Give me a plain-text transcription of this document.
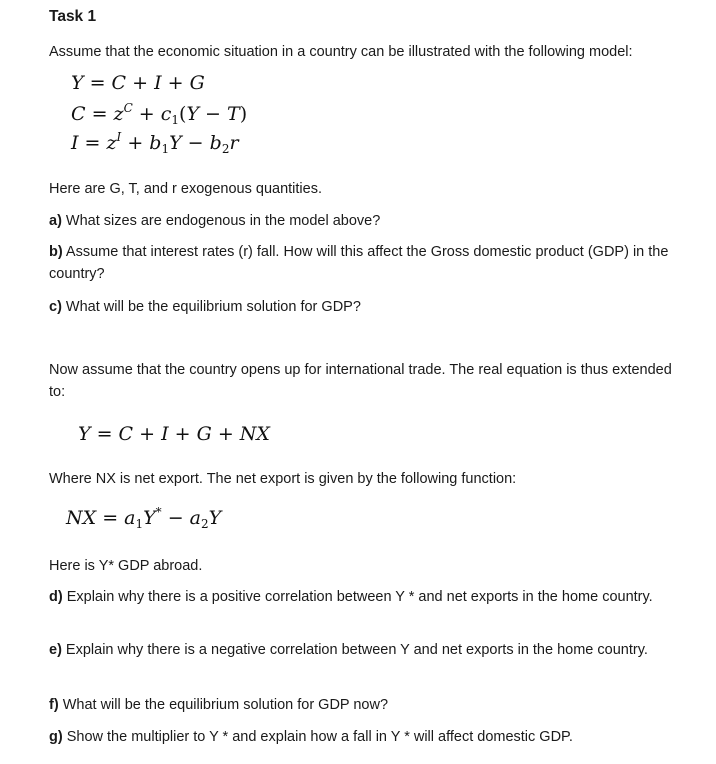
Task 1
Assume that the economic situation in a country can be illustrated with the following model:
Y = C + I + G
$C = z^C + c_1(Y - T)$
$I = z^I + b_1Y - b_2r$
Here are G, T, and r exogenous quantities.
a) What sizes are endogenous in the model above?
b) Assume that interest rates (r) fall. How will this affect the Gross domestic product (GDP) in the country?
c) What will be the equilibrium solution for GDP?
Now assume that the country opens up for international trade. The real equation is thus extended to:
Y = C + I + G + NX
Where NX is net export. The net export is given by the following function:
NX = $a_1Y^* - a_2Y$
Here is Y* GDP abroad.
d) Explain why there is a positive correlation between Y * and net exports in the home country.
e) Explain why there is a negative correlation between Y and net exports in the home country.
f) What will be the equilibrium solution for GDP now?
g) Show the multiplier to Y * and explain how a fall in Y * will affect domestic GDP.
